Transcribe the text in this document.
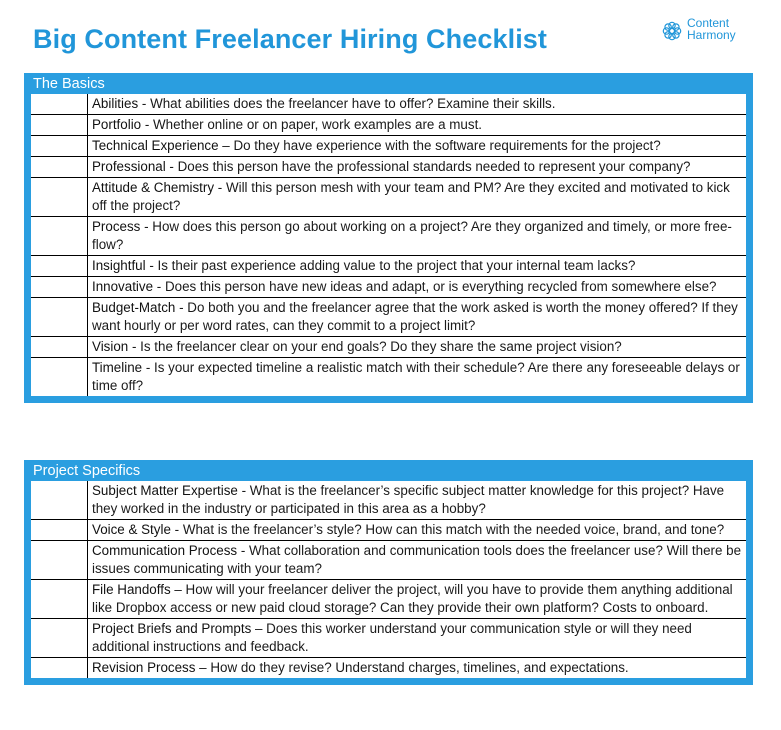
Big Content Freelancer Hiring Checklist
Content
Harmony
The Basics
Abilities - What abilities does the freelancer have to offer? Examine their skills.
Portfolio - Whether online or on paper, work examples are a must.
Technical Experience – Do they have experience with the software requirements for the project?
Professional - Does this person have the professional standards needed to represent your company?
Attitude & Chemistry - Will this person mesh with your team and PM? Are they excited and motivated to kick off the project?
Process - How does this person go about working on a project? Are they organized and timely, or more free-flow?
Insightful - Is their past experience adding value to the project that your internal team lacks?
Innovative - Does this person have new ideas and adapt, or is everything recycled from somewhere else?
Budget-Match - Do both you and the freelancer agree that the work asked is worth the money offered? If they want hourly or per word rates, can they commit to a project limit?
Vision - Is the freelancer clear on your end goals? Do they share the same project vision?
Timeline - Is your expected timeline a realistic match with their schedule? Are there any foreseeable delays or time off?
Project Specifics
Subject Matter Expertise - What is the freelancer’s specific subject matter knowledge for this project? Have they worked in the industry or participated in this area as a hobby?
Voice & Style - What is the freelancer’s style? How can this match with the needed voice, brand, and tone?
Communication Process - What collaboration and communication tools does the freelancer use? Will there be issues communicating with your team?
File Handoffs – How will your freelancer deliver the project, will you have to provide them anything additional like Dropbox access or new paid cloud storage? Can they provide their own platform? Costs to onboard.
Project Briefs and Prompts – Does this worker understand your communication style or will they need additional instructions and feedback.
Revision Process – How do they revise? Understand charges, timelines, and expectations.
